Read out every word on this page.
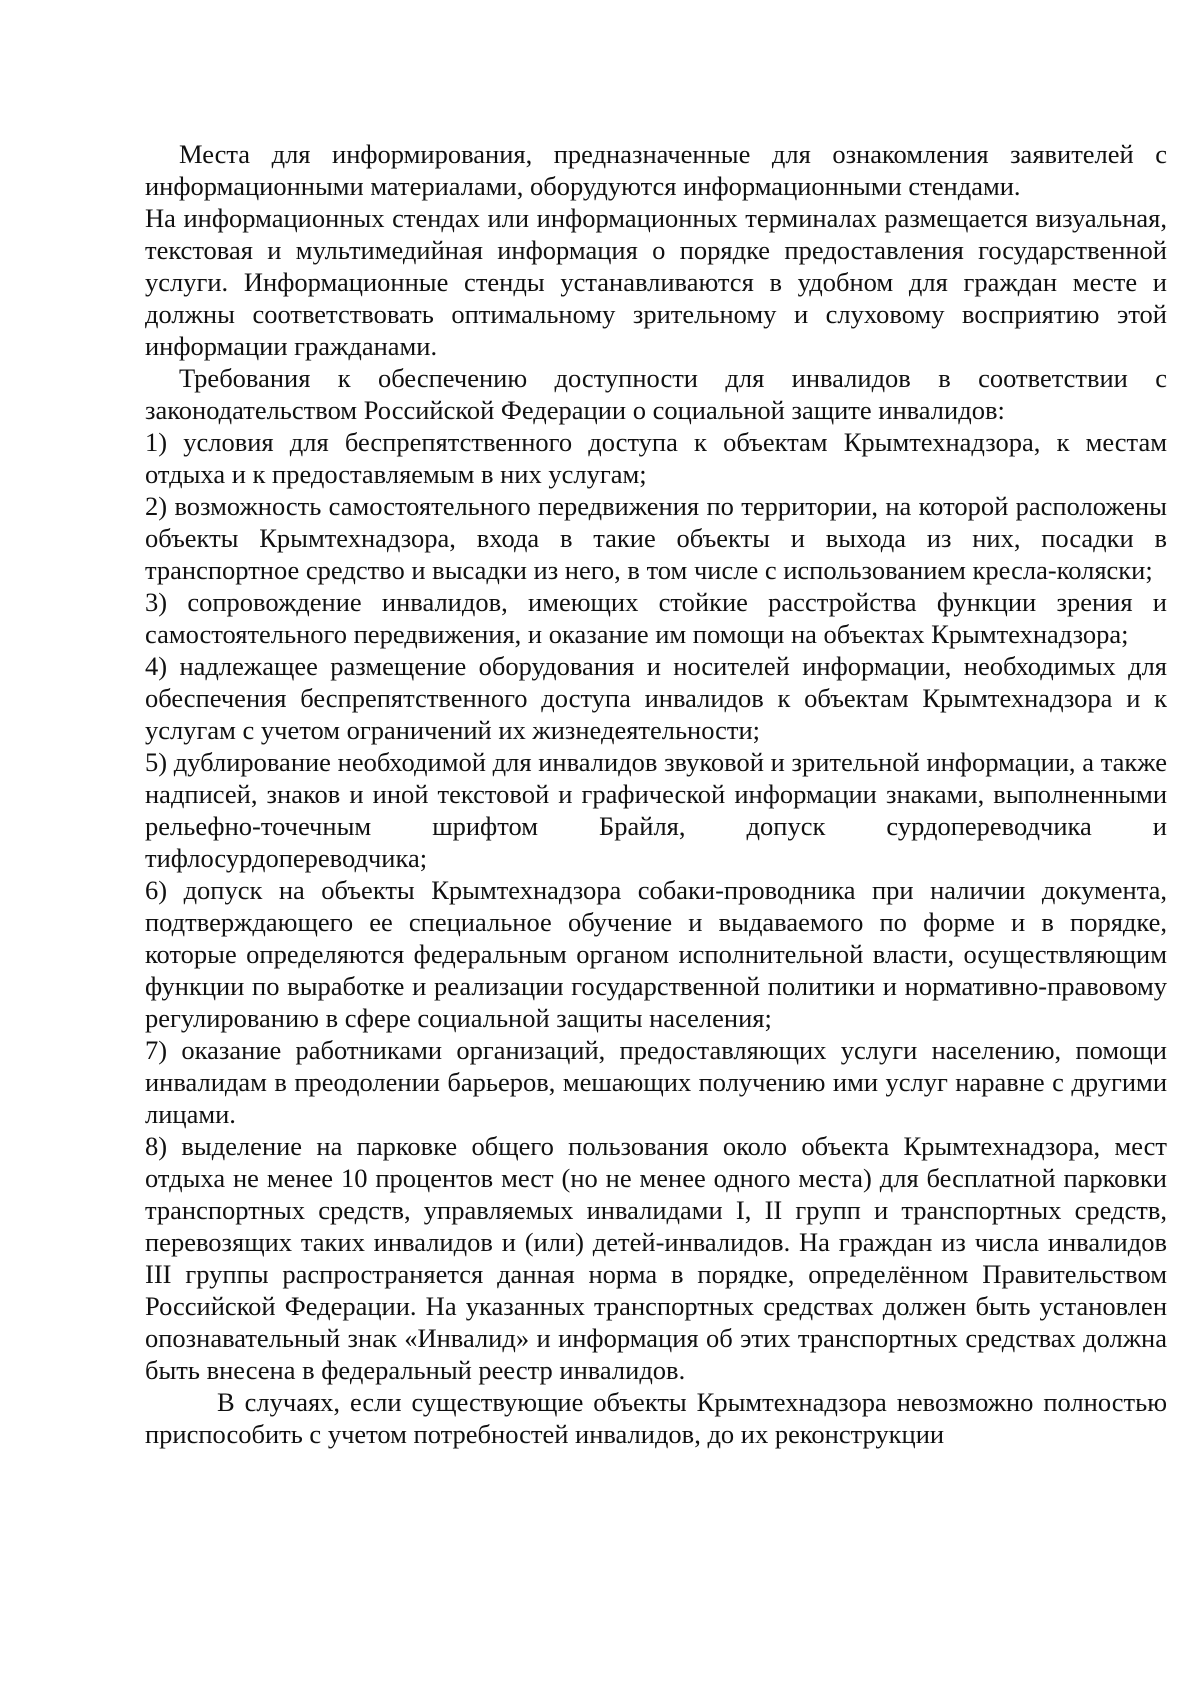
Места для информирования, предназначенные для ознакомления заявителей с информационными материалами, оборудуются информационными стендами.

На информационных стендах или информационных терминалах размещается визуальная, текстовая и мультимедийная информация о порядке предоставления государственной услуги. Информационные стенды устанавливаются в удобном для граждан месте и должны соответствовать оптимальному зрительному и слуховому восприятию этой информации гражданами.

Требования к обеспечению доступности для инвалидов в соответствии с законодательством Российской Федерации о социальной защите инвалидов:

1) условия для беспрепятственного доступа к объектам Крымтехнадзора, к местам отдыха и к предоставляемым в них услугам;

2) возможность самостоятельного передвижения по территории, на которой расположены объекты Крымтехнадзора, входа в такие объекты и выхода из них, посадки в транспортное средство и высадки из него, в том числе с использованием кресла-коляски;

3) сопровождение инвалидов, имеющих стойкие расстройства функции зрения и самостоятельного передвижения, и оказание им помощи на объектах Крымтехнадзора;

4) надлежащее размещение оборудования и носителей информации, необходимых для обеспечения беспрепятственного доступа инвалидов к объектам Крымтехнадзора и к услугам с учетом ограничений их жизнедеятельности;

5) дублирование необходимой для инвалидов звуковой и зрительной информации, а также надписей, знаков и иной текстовой и графической информации знаками, выполненными рельефно-точечным шрифтом Брайля, допуск сурдопереводчика и тифлосурдопереводчика;

6) допуск на объекты Крымтехнадзора собаки-проводника при наличии документа, подтверждающего ее специальное обучение и выдаваемого по форме и в порядке, которые определяются федеральным органом исполнительной власти, осуществляющим функции по выработке и реализации государственной политики и нормативно-правовому регулированию в сфере социальной защиты населения;

7) оказание работниками организаций, предоставляющих услуги населению, помощи инвалидам в преодолении барьеров, мешающих получению ими услуг наравне с другими лицами.

8) выделение на парковке общего пользования около объекта Крымтехнадзора, мест отдыха не менее 10 процентов мест (но не менее одного места) для бесплатной парковки транспортных средств, управляемых инвалидами I, II групп и транспортных средств, перевозящих таких инвалидов и (или) детей-инвалидов. На граждан из числа инвалидов III группы распространяется данная норма в порядке, определённом Правительством Российской Федерации. На указанных транспортных средствах должен быть установлен опознавательный знак «Инвалид» и информация об этих транспортных средствах должна быть внесена в федеральный реестр инвалидов.

В случаях, если существующие объекты Крымтехнадзора невозможно полностью приспособить с учетом потребностей инвалидов, до их реконструкции
